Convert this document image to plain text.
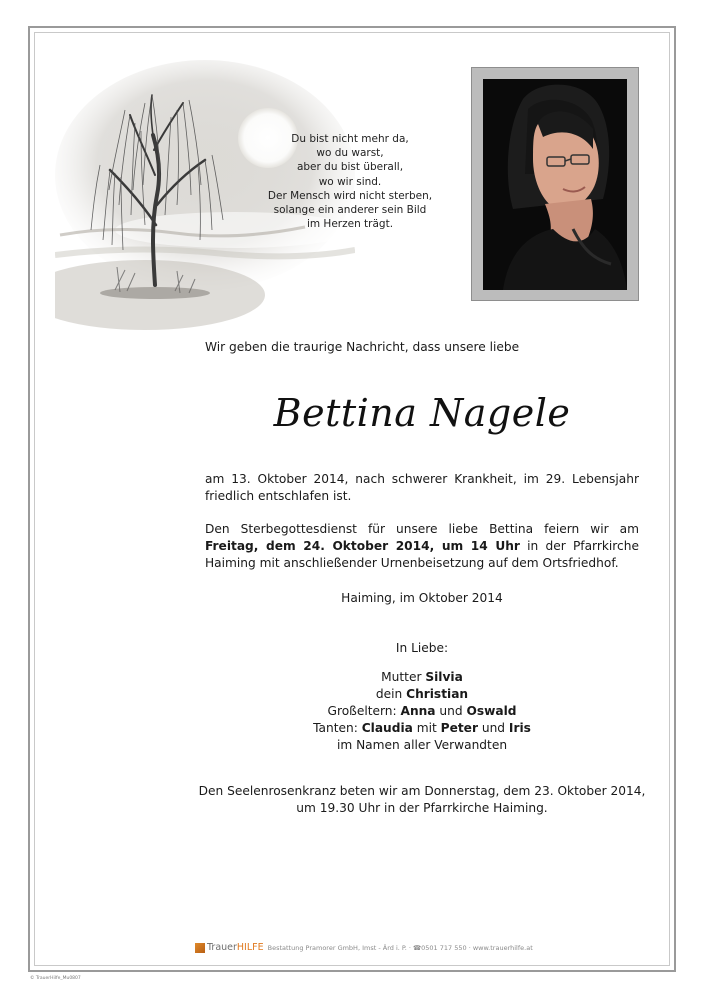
Du bist nicht mehr da,
wo du warst,
aber du bist überall,
wo wir sind.
Der Mensch wird nicht sterben,
solange ein anderer sein Bild
im Herzen trägt.
Wir geben die traurige Nachricht, dass unsere liebe
Bettina Nagele
am 13. Oktober 2014, nach schwerer Krankheit, im 29. Lebensjahr friedlich entschlafen ist.
Den Sterbegottesdienst für unsere liebe Bettina feiern wir am Freitag, dem 24. Oktober 2014, um 14 Uhr in der Pfarrkirche Haiming mit anschließender Urnenbeisetzung auf dem Ortsfriedhof.
Haiming, im Oktober 2014
In Liebe:
Mutter Silvia
dein Christian
Großeltern: Anna und Oswald
Tanten: Claudia mit Peter und Iris
im Namen aller Verwandten
Den Seelenrosenkranz beten wir am Donnerstag, dem 23. Oktober 2014,
um 19.30 Uhr in der Pfarrkirche Haiming.
TrauerHILFE Bestattung Pramorer GmbH, Imst - Ärd i. P. · ☎0501 717 550 · www.trauerhilfe.at
© TrauerHilfe_Mu0807
